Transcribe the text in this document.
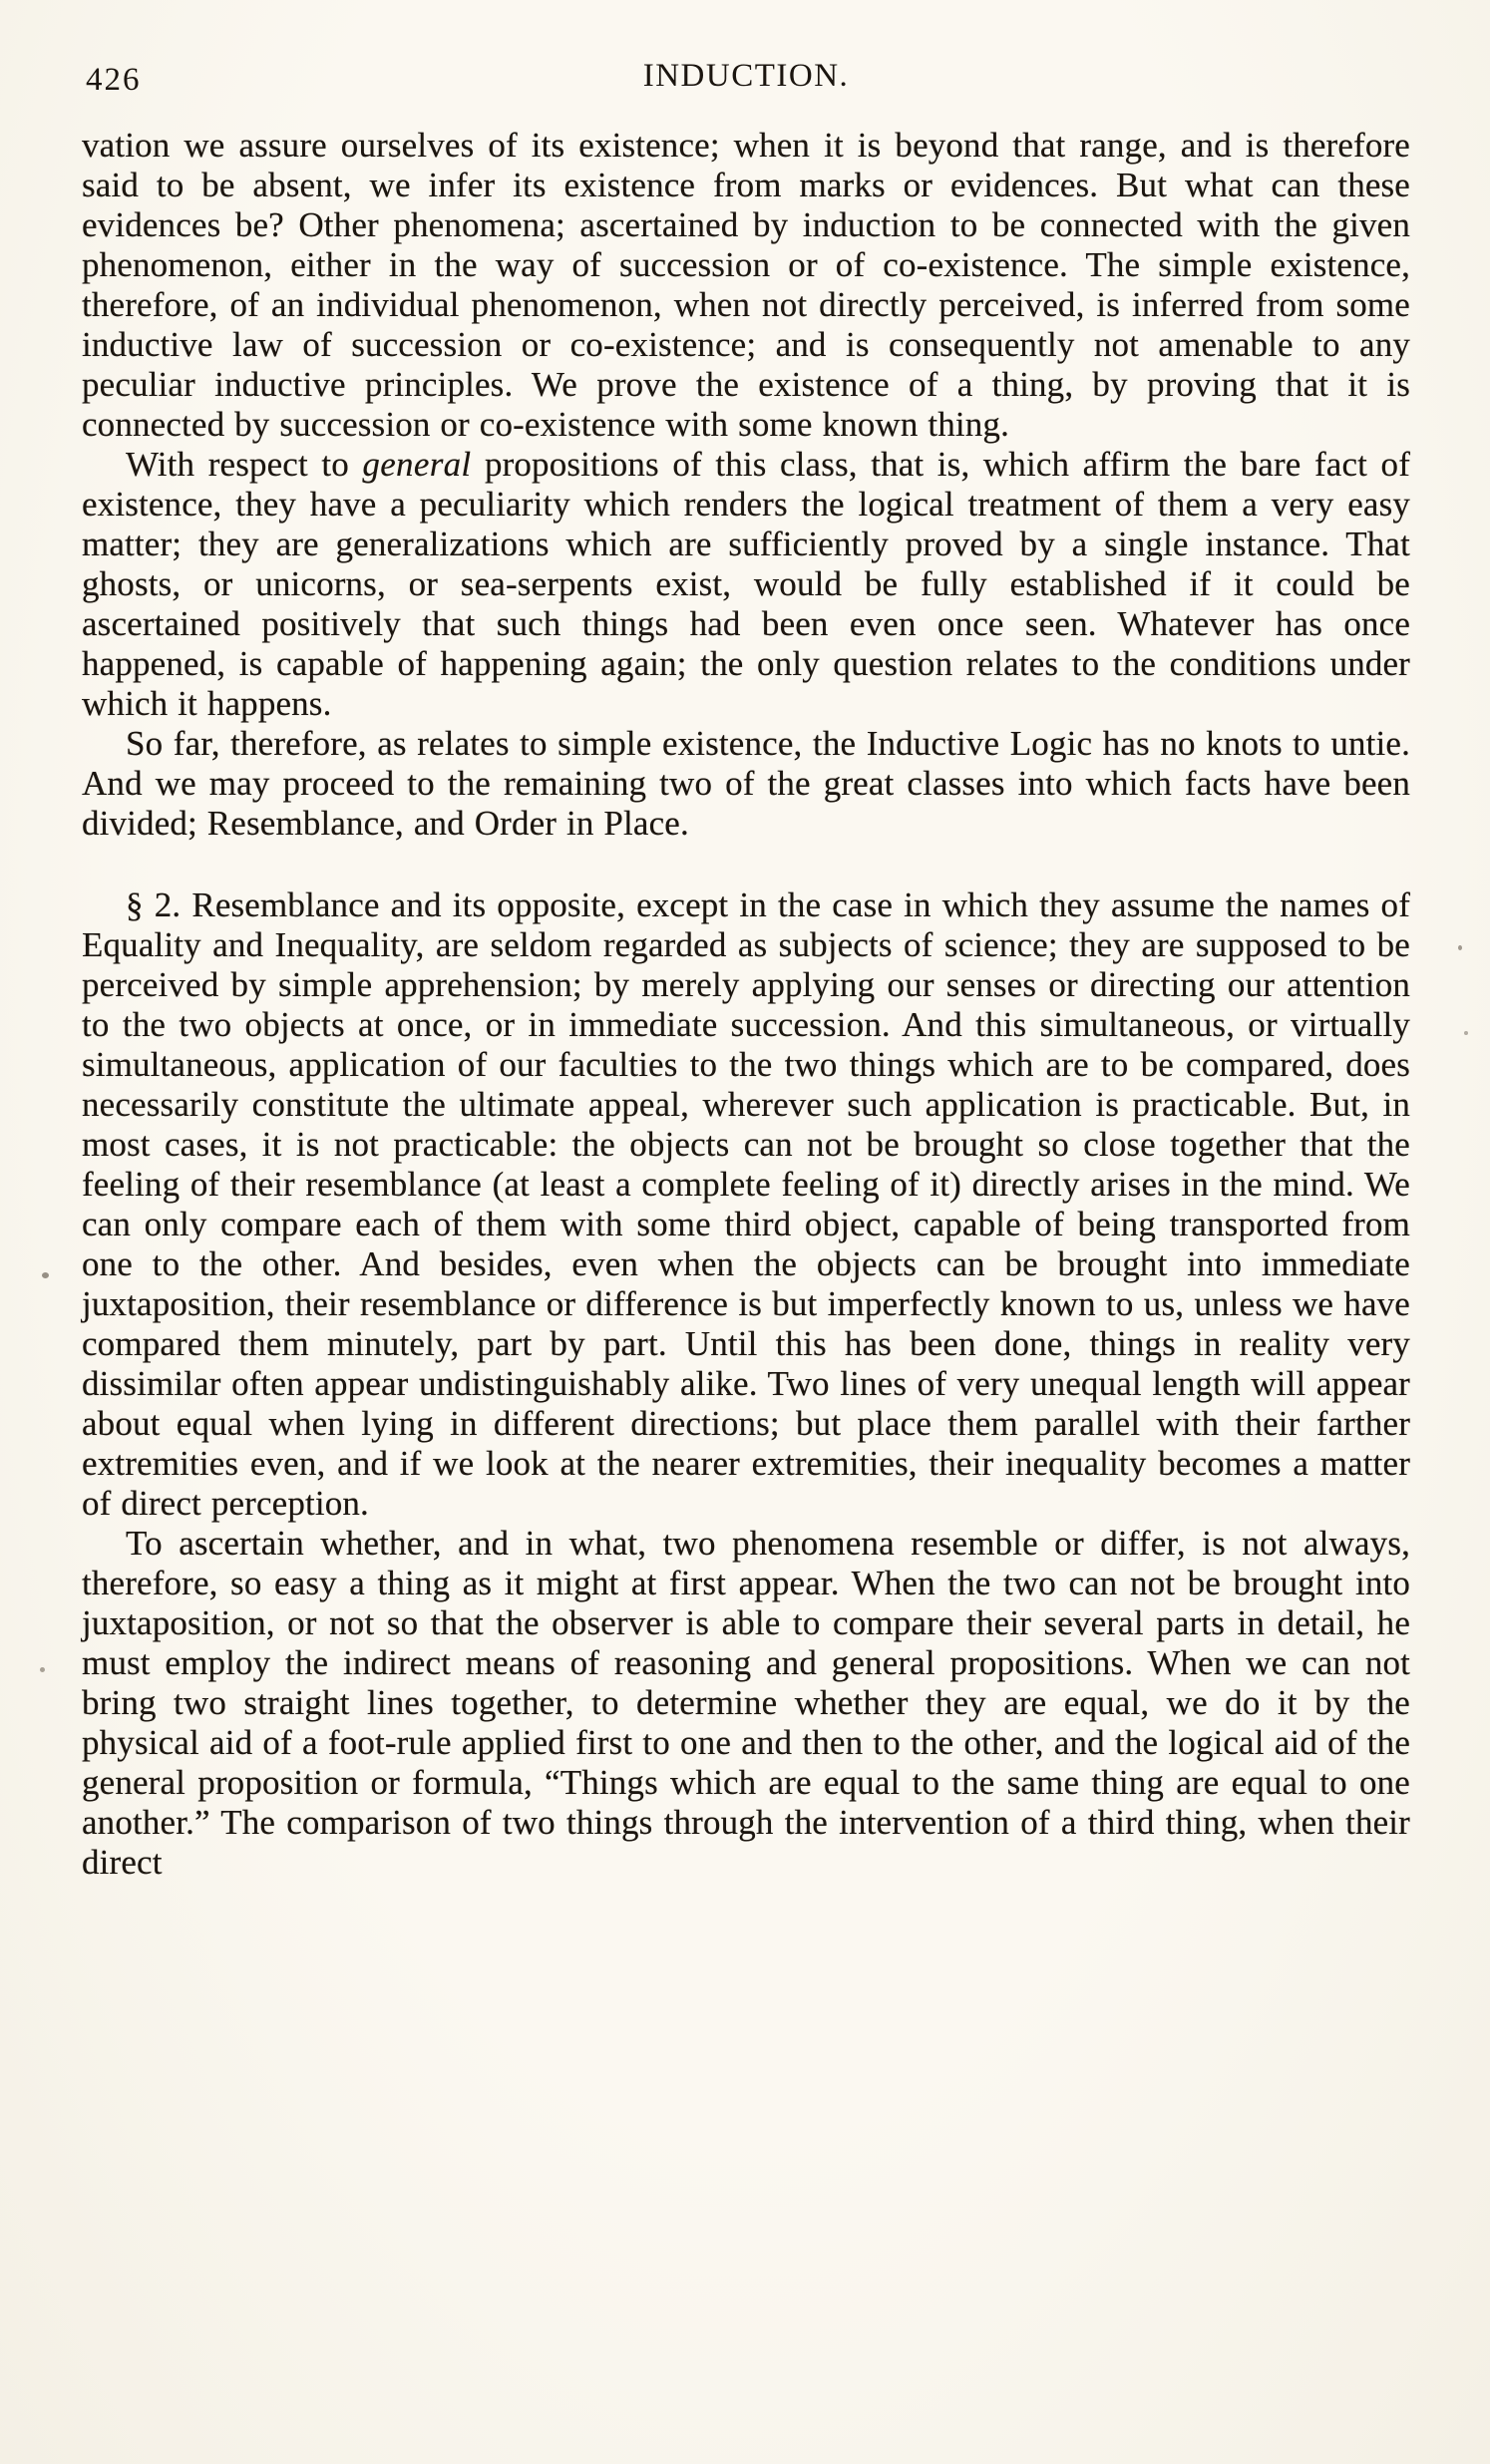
426	INDUCTION.

vation we assure ourselves of its existence; when it is beyond that range, and is therefore said to be absent, we infer its existence from marks or evidences. But what can these evidences be? Other phenomena; ascertained by induction to be connected with the given phenomenon, either in the way of succession or of co-existence. The simple existence, therefore, of an individual phenomenon, when not directly perceived, is inferred from some inductive law of succession or co-existence; and is consequently not amenable to any peculiar inductive principles. We prove the existence of a thing, by proving that it is connected by succession or co-existence with some known thing.

With respect to general propositions of this class, that is, which affirm the bare fact of existence, they have a peculiarity which renders the logical treatment of them a very easy matter; they are generalizations which are sufficiently proved by a single instance. That ghosts, or unicorns, or sea-serpents exist, would be fully established if it could be ascertained positively that such things had been even once seen. Whatever has once happened, is capable of happening again; the only question relates to the conditions under which it happens.

So far, therefore, as relates to simple existence, the Inductive Logic has no knots to untie. And we may proceed to the remaining two of the great classes into which facts have been divided; Resemblance, and Order in Place.

§ 2. Resemblance and its opposite, except in the case in which they assume the names of Equality and Inequality, are seldom regarded as subjects of science; they are supposed to be perceived by simple apprehension; by merely applying our senses or directing our attention to the two objects at once, or in immediate succession. And this simultaneous, or virtually simultaneous, application of our faculties to the two things which are to be compared, does necessarily constitute the ultimate appeal, wherever such application is practicable. But, in most cases, it is not practicable: the objects can not be brought so close together that the feeling of their resemblance (at least a complete feeling of it) directly arises in the mind. We can only compare each of them with some third object, capable of being transported from one to the other. And besides, even when the objects can be brought into immediate juxtaposition, their resemblance or difference is but imperfectly known to us, unless we have compared them minutely, part by part. Until this has been done, things in reality very dissimilar often appear undistinguishably alike. Two lines of very unequal length will appear about equal when lying in different directions; but place them parallel with their farther extremities even, and if we look at the nearer extremities, their inequality becomes a matter of direct perception.

To ascertain whether, and in what, two phenomena resemble or differ, is not always, therefore, so easy a thing as it might at first appear. When the two can not be brought into juxtaposition, or not so that the observer is able to compare their several parts in detail, he must employ the indirect means of reasoning and general propositions. When we can not bring two straight lines together, to determine whether they are equal, we do it by the physical aid of a foot-rule applied first to one and then to the other, and the logical aid of the general proposition or formula, “Things which are equal to the same thing are equal to one another.” The comparison of two things through the intervention of a third thing, when their direct
